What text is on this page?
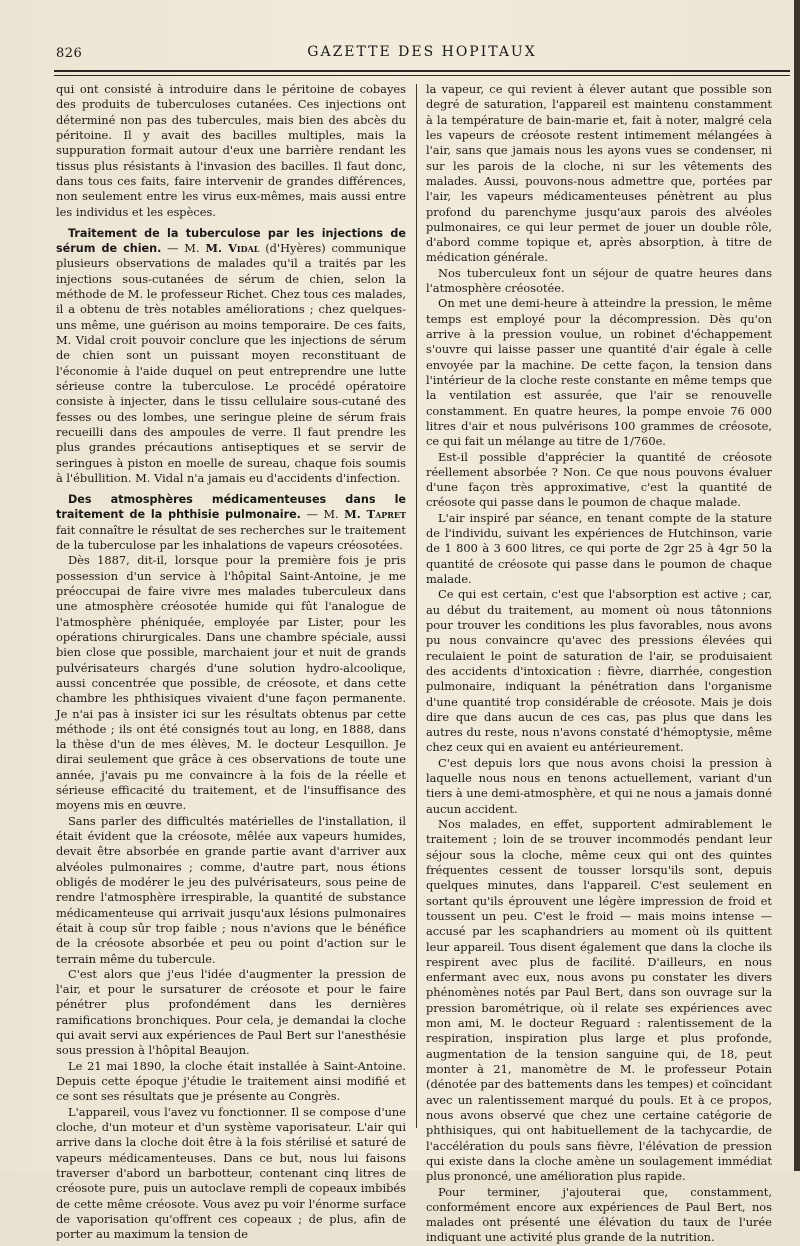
826	GAZETTE DES HOPITAUX

qui ont consisté à introduire dans le péritoine de cobayes des produits de tuberculoses cutanées. Ces injections ont déterminé non pas des tubercules, mais bien des abcès du péritoine. Il y avait des bacilles multiples, mais la suppuration formait autour d'eux une barrière rendant les tissus plus résistants à l'invasion des bacilles. Il faut donc, dans tous ces faits, faire intervenir de grandes différences, non seulement entre les virus eux-mêmes, mais aussi entre les individus et les espèces.

Traitement de la tuberculose par les injections de sérum de chien. — M. M. Vidal (d'Hyères) communique plusieurs observations de malades qu'il a traités par les injections sous-cutanées de sérum de chien, selon la méthode de M. le professeur Richet. Chez tous ces malades, il a obtenu de très notables améliorations ; chez quelques-uns même, une guérison au moins temporaire. De ces faits, M. Vidal croit pouvoir conclure que les injections de sérum de chien sont un puissant moyen reconstituant de l'économie à l'aide duquel on peut entreprendre une lutte sérieuse contre la tuberculose. Le procédé opératoire consiste à injecter, dans le tissu cellulaire sous-cutané des fesses ou des lombes, une seringue pleine de sérum frais recueilli dans des ampoules de verre. Il faut prendre les plus grandes précautions antiseptiques et se servir de seringues à piston en moelle de sureau, chaque fois soumis à l'ébullition. M. Vidal n'a jamais eu d'accidents d'infection.

Des atmosphères médicamenteuses dans le traitement de la phthisie pulmonaire. — M. M. Tapret fait connaître le résultat de ses recherches sur le traitement de la tuberculose par les inhalations de vapeurs créosotées.

Dès 1887, dit-il, lorsque pour la première fois je pris possession d'un service à l'hôpital Saint-Antoine, je me préoccupai de faire vivre mes malades tuberculeux dans une atmosphère créosotée humide qui fût l'analogue de l'atmosphère phéniquée, employée par Lister, pour les opérations chirurgicales. Dans une chambre spéciale, aussi bien close que possible, marchaient jour et nuit de grands pulvérisateurs chargés d'une solution hydro-alcoolique, aussi concentrée que possible, de créosote, et dans cette chambre les phthisiques vivaient d'une façon permanente. Je n'ai pas à insister ici sur les résultats obtenus par cette méthode ; ils ont été consignés tout au long, en 1888, dans la thèse d'un de mes élèves, M. le docteur Lesquillon. Je dirai seulement que grâce à ces observations de toute une année, j'avais pu me convaincre à la fois de la réelle et sérieuse efficacité du traitement, et de l'insuffisance des moyens mis en œuvre.

Sans parler des difficultés matérielles de l'installation, il était évident que la créosote, mêlée aux vapeurs humides, devait être absorbée en grande partie avant d'arriver aux alvéoles pulmonaires ; comme, d'autre part, nous étions obligés de modérer le jeu des pulvérisateurs, sous peine de rendre l'atmosphère irrespirable, la quantité de substance médicamenteuse qui arrivait jusqu'aux lésions pulmonaires était à coup sûr trop faible ; nous n'avions que le bénéfice de la créosote absorbée et peu ou point d'action sur le terrain même du tubercule.

C'est alors que j'eus l'idée d'augmenter la pression de l'air, et pour le sursaturer de créosote et pour le faire pénétrer plus profondément dans les dernières ramifications bronchiques. Pour cela, je demandai la cloche qui avait servi aux expériences de Paul Bert sur l'anesthésie sous pression à l'hôpital Beaujon.

Le 21 mai 1890, la cloche était installée à Saint-Antoine. Depuis cette époque j'étudie le traitement ainsi modifié et ce sont ses résultats que je présente au Congrès.

L'appareil, vous l'avez vu fonctionner. Il se compose d'une cloche, d'un moteur et d'un système vaporisateur. L'air qui arrive dans la cloche doit être à la fois stérilisé et saturé de vapeurs médicamenteuses. Dans ce but, nous lui faisons traverser d'abord un barbotteur, contenant cinq litres de créosote pure, puis un autoclave rempli de copeaux imbibés de cette même créosote. Vous avez pu voir l'énorme surface de vaporisation qu'offrent ces copeaux ; de plus, afin de porter au maximum la tension de

la vapeur, ce qui revient à élever autant que possible son degré de saturation, l'appareil est maintenu constamment à la température de bain-marie et, fait à noter, malgré cela les vapeurs de créosote restent intimement mélangées à l'air, sans que jamais nous les ayons vues se condenser, ni sur les parois de la cloche, ni sur les vêtements des malades. Aussi, pouvons-nous admettre que, portées par l'air, les vapeurs médicamenteuses pénètrent au plus profond du parenchyme jusqu'aux parois des alvéoles pulmonaires, ce qui leur permet de jouer un double rôle, d'abord comme topique et, après absorption, à titre de médication générale.

Nos tuberculeux font un séjour de quatre heures dans l'atmosphère créosotée.

On met une demi-heure à atteindre la pression, le même temps est employé pour la décompression. Dès qu'on arrive à la pression voulue, un robinet d'échappement s'ouvre qui laisse passer une quantité d'air égale à celle envoyée par la machine. De cette façon, la tension dans l'intérieur de la cloche reste constante en même temps que la ventilation est assurée, que l'air se renouvelle constamment. En quatre heures, la pompe envoie 76 000 litres d'air et nous pulvérisons 100 grammes de créosote, ce qui fait un mélange au titre de 1/760e.

Est-il possible d'apprécier la quantité de créosote réellement absorbée ? Non. Ce que nous pouvons évaluer d'une façon très approximative, c'est la quantité de créosote qui passe dans le poumon de chaque malade.

L'air inspiré par séance, en tenant compte de la stature de l'individu, suivant les expériences de Hutchinson, varie de 1 800 à 3 600 litres, ce qui porte de 2gr 25 à 4gr 50 la quantité de créosote qui passe dans le poumon de chaque malade.

Ce qui est certain, c'est que l'absorption est active ; car, au début du traitement, au moment où nous tâtonnions pour trouver les conditions les plus favorables, nous avons pu nous convaincre qu'avec des pressions élevées qui reculaient le point de saturation de l'air, se produisaient des accidents d'intoxication : fièvre, diarrhée, congestion pulmonaire, indiquant la pénétration dans l'organisme d'une quantité trop considérable de créosote. Mais je dois dire que dans aucun de ces cas, pas plus que dans les autres du reste, nous n'avons constaté d'hémoptysie, même chez ceux qui en avaient eu antérieurement.

C'est depuis lors que nous avons choisi la pression à laquelle nous nous en tenons actuellement, variant d'un tiers à une demi-atmosphère, et qui ne nous a jamais donné aucun accident.

Nos malades, en effet, supportent admirablement le traitement ; loin de se trouver incommodés pendant leur séjour sous la cloche, même ceux qui ont des quintes fréquentes cessent de tousser lorsqu'ils sont, depuis quelques minutes, dans l'appareil. C'est seulement en sortant qu'ils éprouvent une légère impression de froid et toussent un peu. C'est le froid — mais moins intense — accusé par les scaphandriers au moment où ils quittent leur appareil. Tous disent également que dans la cloche ils respirent avec plus de facilité. D'ailleurs, en nous enfermant avec eux, nous avons pu constater les divers phénomènes notés par Paul Bert, dans son ouvrage sur la pression barométrique, où il relate ses expériences avec mon ami, M. le docteur Reguard : ralentissement de la respiration, inspiration plus large et plus profonde, augmentation de la tension sanguine qui, de 18, peut monter à 21, manomètre de M. le professeur Potain (dénotée par des battements dans les tempes) et coïncidant avec un ralentissement marqué du pouls. Et à ce propos, nous avons observé que chez une certaine catégorie de phthisiques, qui ont habituellement de la tachycardie, de l'accélération du pouls sans fièvre, l'élévation de pression qui existe dans la cloche amène un soulagement immédiat plus prononcé, une amélioration plus rapide.

Pour terminer, j'ajouterai que, constamment, conformément encore aux expériences de Paul Bert, nos malades ont présenté une élévation du taux de l'urée indiquant une activité plus grande de la nutrition.
